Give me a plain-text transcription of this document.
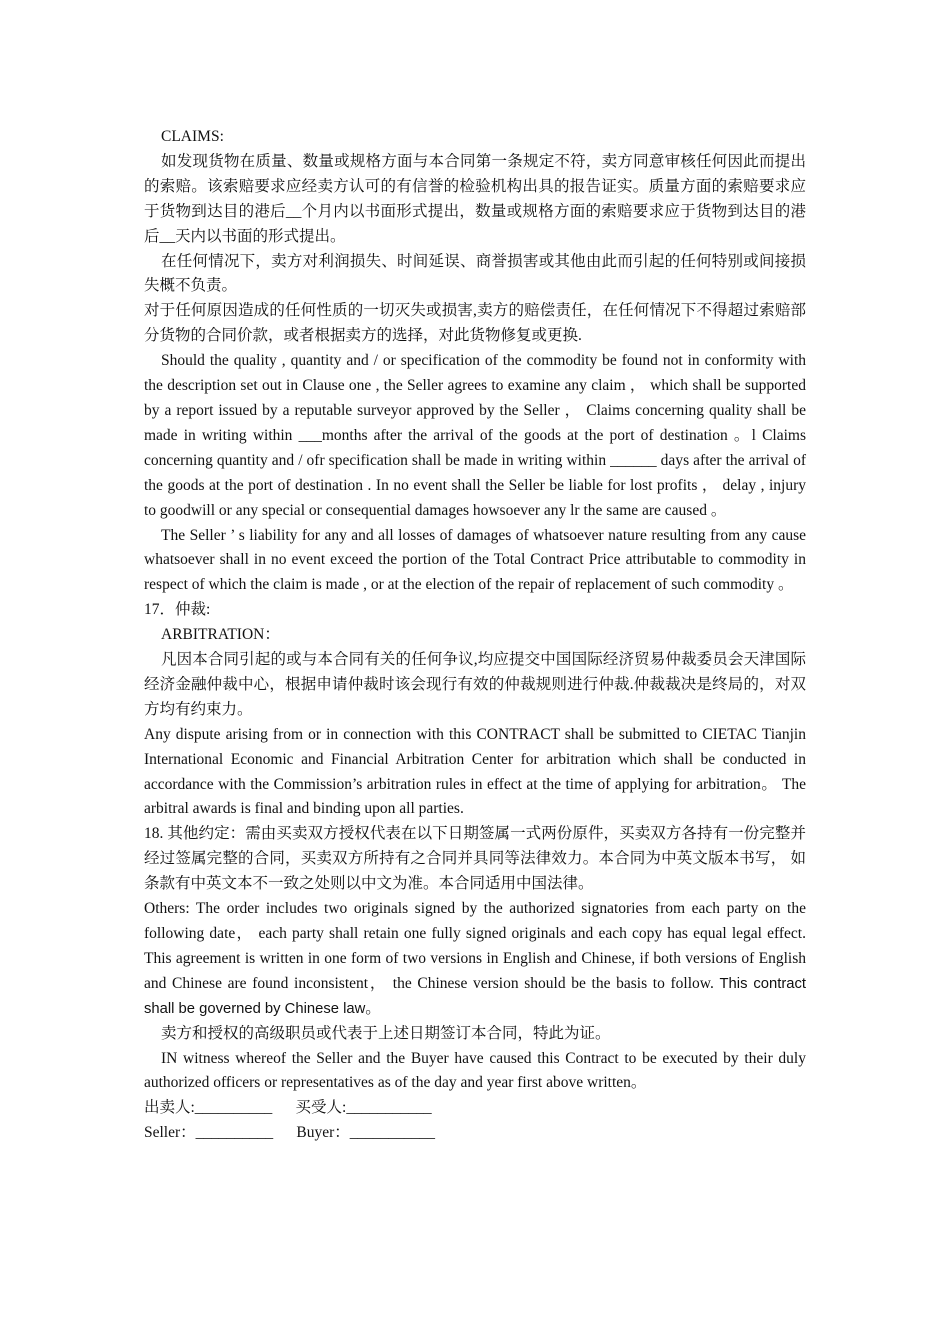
CLAIMS:

如发现货物在质量、数量或规格方面与本合同第一条规定不符，卖方同意审核任何因此而提出的索赔。该索赔要求应经卖方认可的有信誉的检验机构出具的报告证实。质量方面的索赔要求应于货物到达目的港后__个月内以书面形式提出，数量或规格方面的索赔要求应于货物到达目的港后__天内以书面的形式提出。

在任何情况下，卖方对利润损失、时间延误、商誉损害或其他由此而引起的任何特别或间接损失概不负责。

对于任何原因造成的任何性质的一切灭失或损害,卖方的赔偿责任，在任何情况下不得超过索赔部分货物的合同价款，或者根据卖方的选择，对此货物修复或更换.

Should the quality , quantity and / or specification of the commodity be found not in conformity with the description set out in Clause one , the Seller agrees to examine any claim ， which shall be supported by a report issued by a reputable surveyor approved by the Seller ， Claims concerning quality shall be made in writing within ___months after the arrival of the goods at the port of destination 。l Claims concerning quantity and / ofr specification shall be made in writing within ______ days after the arrival of the goods at the port of destination . In no event shall the Seller be liable for lost profits ， delay , injury to goodwill or any special or consequential damages howsoever any lr the same are caused 。

The Seller ’ s liability for any and all losses of damages of whatsoever nature resulting from any cause whatsoever shall in no event exceed the portion of the Total Contract Price attributable to commodity in respect of which the claim is made , or at the election of the repair of replacement of such commodity 。

17．仲裁:

ARBITRATION：

凡因本合同引起的或与本合同有关的任何争议,均应提交中国国际经济贸易仲裁委员会天津国际经济金融仲裁中心，根据申请仲裁时该会现行有效的仲裁规则进行仲裁.仲裁裁决是终局的，对双方均有约束力。

Any dispute arising from or in connection with this CONTRACT shall be submitted to CIETAC Tianjin International Economic and Financial Arbitration Center for arbitration which shall be conducted in accordance with the Commission’s arbitration rules in effect at the time of applying for arbitration。 The arbitral awards is final and binding upon all parties.

18. 其他约定：需由买卖双方授权代表在以下日期签属一式两份原件，买卖双方各持有一份完整并经过签属完整的合同，买卖双方所持有之合同并具同等法律效力。本合同为中英文版本书写， 如条款有中英文本不一致之处则以中文为准。本合同适用中国法律。

Others: The order includes two originals signed by the authorized signatories from each party on the following date， each party shall retain one fully signed originals and each copy has equal legal effect. This agreement is written in one form of two versions in English and Chinese, if both versions of English and Chinese are found inconsistent， the Chinese version should be the basis to follow. This contract shall be governed by Chinese law。

卖方和授权的高级职员或代表于上述日期签订本合同，特此为证。

IN witness whereof the Seller and the Buyer have caused this Contract to be executed by their duly authorized officers or representatives as of the day and year first above written。

出卖人:__________      买受人:___________

Seller：__________      Buyer：___________
